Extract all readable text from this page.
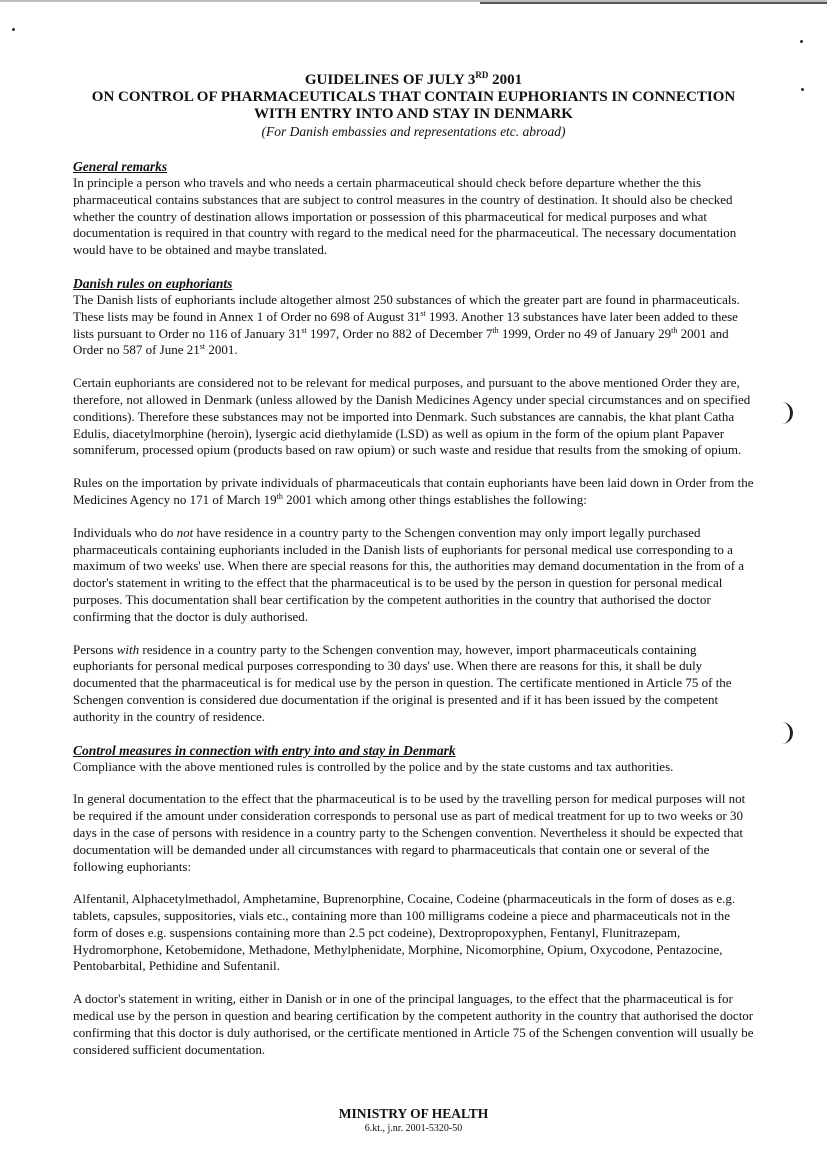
GUIDELINES OF JULY 3RD 2001
ON CONTROL OF PHARMACEUTICALS THAT CONTAIN EUPHORIANTS IN CONNECTION
WITH ENTRY INTO AND STAY IN DENMARK
(For Danish embassies and representations etc. abroad)
General remarks

In principle a person who travels and who needs a certain pharmaceutical should check before departure whether the this pharmaceutical contains substances that are subject to control measures in the country of destination. It should also be checked whether the country of destination allows importation or possession of this pharmaceutical for medical purposes and what documentation is required in that country with regard to the medical need for the pharmaceutical. The necessary documentation would have to be obtained and maybe translated.

Danish rules on euphoriants

The Danish lists of euphoriants include altogether almost 250 substances of which the greater part are found in pharmaceuticals. These lists may be found in Annex 1 of Order no 698 of August 31st 1993. Another 13 substances have later been added to these lists pursuant to Order no 116 of January 31st 1997, Order no 882 of December 7th 1999, Order no 49 of January 29th 2001 and Order no 587 of June 21st 2001.

Certain euphoriants are considered not to be relevant for medical purposes, and pursuant to the above mentioned Order they are, therefore, not allowed in Denmark (unless allowed by the Danish Medicines Agency under special circumstances and on specified conditions). Therefore these substances may not be imported into Denmark. Such substances are cannabis, the khat plant Catha Edulis, diacetylmorphine (heroin), lysergic acid diethylamide (LSD) as well as opium in the form of the opium plant Papaver somniferum, processed opium (products based on raw opium) or such waste and residue that results from the smoking of opium.

Rules on the importation by private individuals of pharmaceuticals that contain euphoriants have been laid down in Order from the Medicines Agency no 171 of March 19th 2001 which among other things establishes the following:

Individuals who do not have residence in a country party to the Schengen convention may only import legally purchased pharmaceuticals containing euphoriants included in the Danish lists of euphoriants for personal medical use corresponding to a maximum of two weeks' use. When there are special reasons for this, the authorities may demand documentation in the from of a doctor's statement in writing to the effect that the pharmaceutical is to be used by the person in question for personal medical purposes. This documentation shall bear certification by the competent authorities in the country that authorised the doctor confirming that the doctor is duly authorised.

Persons with residence in a country party to the Schengen convention may, however, import pharmaceuticals containing euphoriants for personal medical purposes corresponding to 30 days' use. When there are reasons for this, it shall be duly documented that the pharmaceutical is for medical use by the person in question. The certificate mentioned in Article 75 of the Schengen convention is considered due documentation if the original is presented and if it has been issued by the competent authority in the country of residence.

Control measures in connection with entry into and stay in Denmark

Compliance with the above mentioned rules is controlled by the police and by the state customs and tax authorities.

In general documentation to the effect that the pharmaceutical is to be used by the travelling person for medical purposes will not be required if the amount under consideration corresponds to personal use as part of medical treatment for up to two weeks or 30 days in the case of persons with residence in a country party to the Schengen convention. Nevertheless it should be expected that documentation will be demanded under all circumstances with regard to pharmaceuticals that contain one or several of the following euphoriants:

Alfentanil, Alphacetylmethadol, Amphetamine, Buprenorphine, Cocaine, Codeine (pharmaceuticals in the form of doses as e.g. tablets, capsules, suppositories, vials etc., containing more than 100 milligrams codeine a piece and pharmaceuticals not in the form of doses e.g. suspensions containing more than 2.5 pct codeine), Dextropropoxyphen, Fentanyl, Flunitrazepam, Hydromorphone, Ketobemidone, Methadone, Methylphenidate, Morphine, Nicomorphine, Opium, Oxycodone, Pentazocine, Pentobarbital, Pethidine and Sufentanil.

A doctor's statement in writing, either in Danish or in one of the principal languages, to the effect that the pharmaceutical is for medical use by the person in question and bearing certification by the competent authority in the country that authorised the doctor confirming that this doctor is duly authorised, or the certificate mentioned in Article 75 of the Schengen convention will usually be considered sufficient documentation.

MINISTRY OF HEALTH
6.kt., j.nr. 2001-5320-50
